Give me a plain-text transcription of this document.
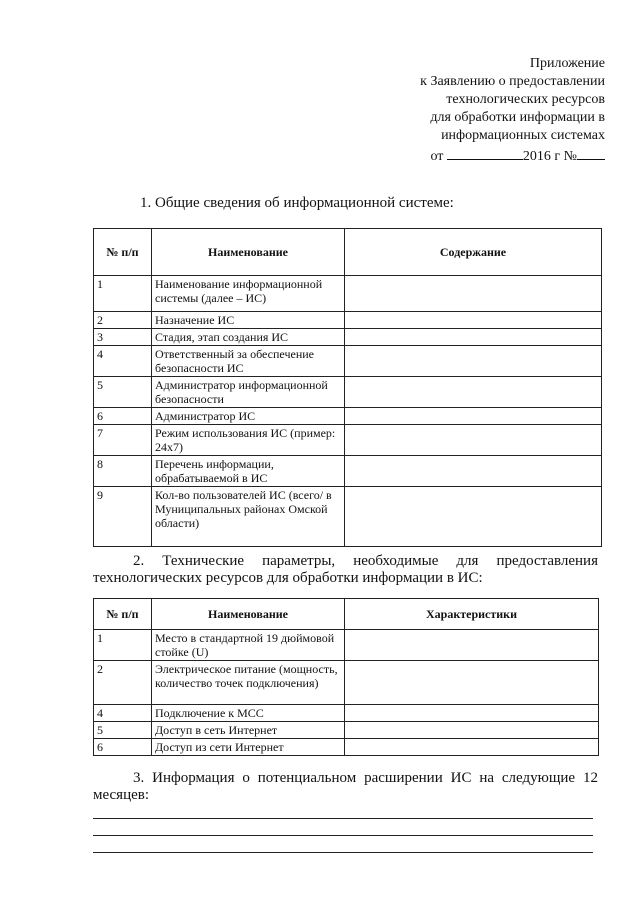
Приложение
к Заявлению о предоставлении
технологических ресурсов
для обработки информации в
информационных системах
от	2016 г №
1. Общие сведения об информационной системе:
№ п/п	Наименование	Содержание
1	Наименование информационной системы (далее – ИС)	
2	Назначение ИС	
3	Стадия, этап создания ИС	
4	Ответственный за обеспечение безопасности ИС	
5	Администратор информационной безопасности	
6	Администратор ИС	
7	Режим использования ИС (пример: 24x7)	
8	Перечень информации, обрабатываемой в ИС	
9	Кол-во пользователей ИС (всего/ в Муниципальных районах Омской области)	
2. Технические параметры, необходимые для предоставления
технологических ресурсов для обработки информации в ИС:
№ п/п	Наименование	Характеристики
1	Место в стандартной 19 дюймовой стойке (U)	
2	Электрическое питание (мощность, количество точек подключения)	
4	Подключение к МСС	
5	Доступ в сеть Интернет	
6	Доступ из сети Интернет	
3. Информация о потенциальном расширении ИС на следующие 12
месяцев:
